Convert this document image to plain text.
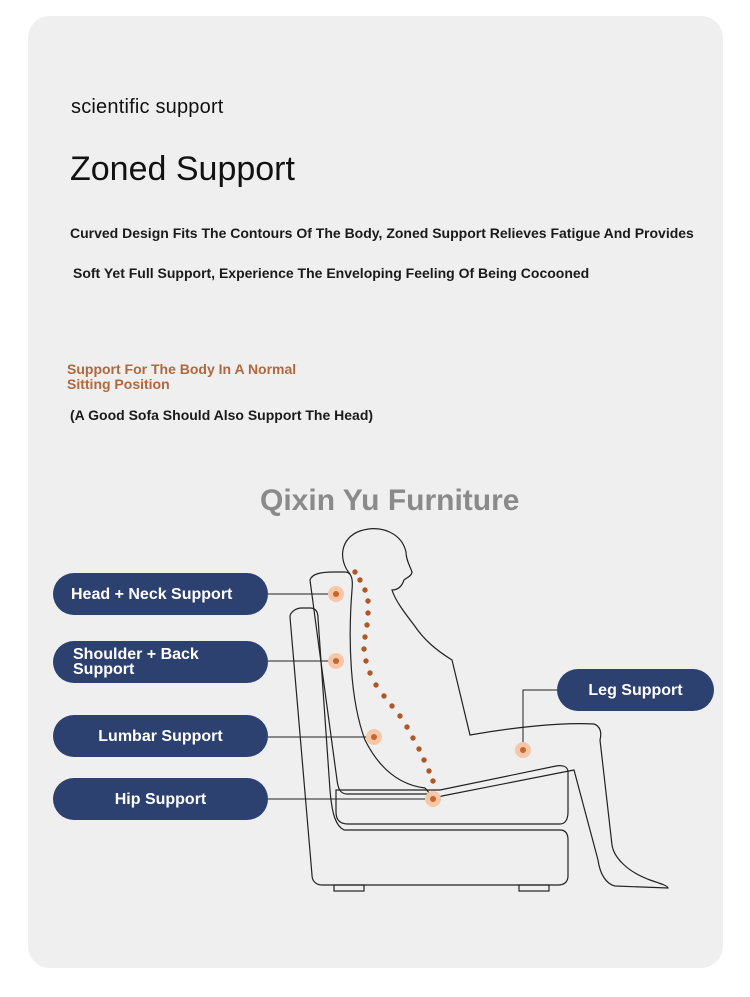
scientific support
Zoned Support
Curved Design Fits The Contours Of The Body, Zoned Support Relieves Fatigue And Provides
Soft Yet Full Support, Experience The Enveloping Feeling Of Being Cocooned
Support For The Body In A Normal
Sitting Position
(A Good Sofa Should Also Support The Head)
Qixin Yu Furniture
Head + Neck Support
Shoulder + Back
Support
Lumbar Support
Hip Support
Leg Support
